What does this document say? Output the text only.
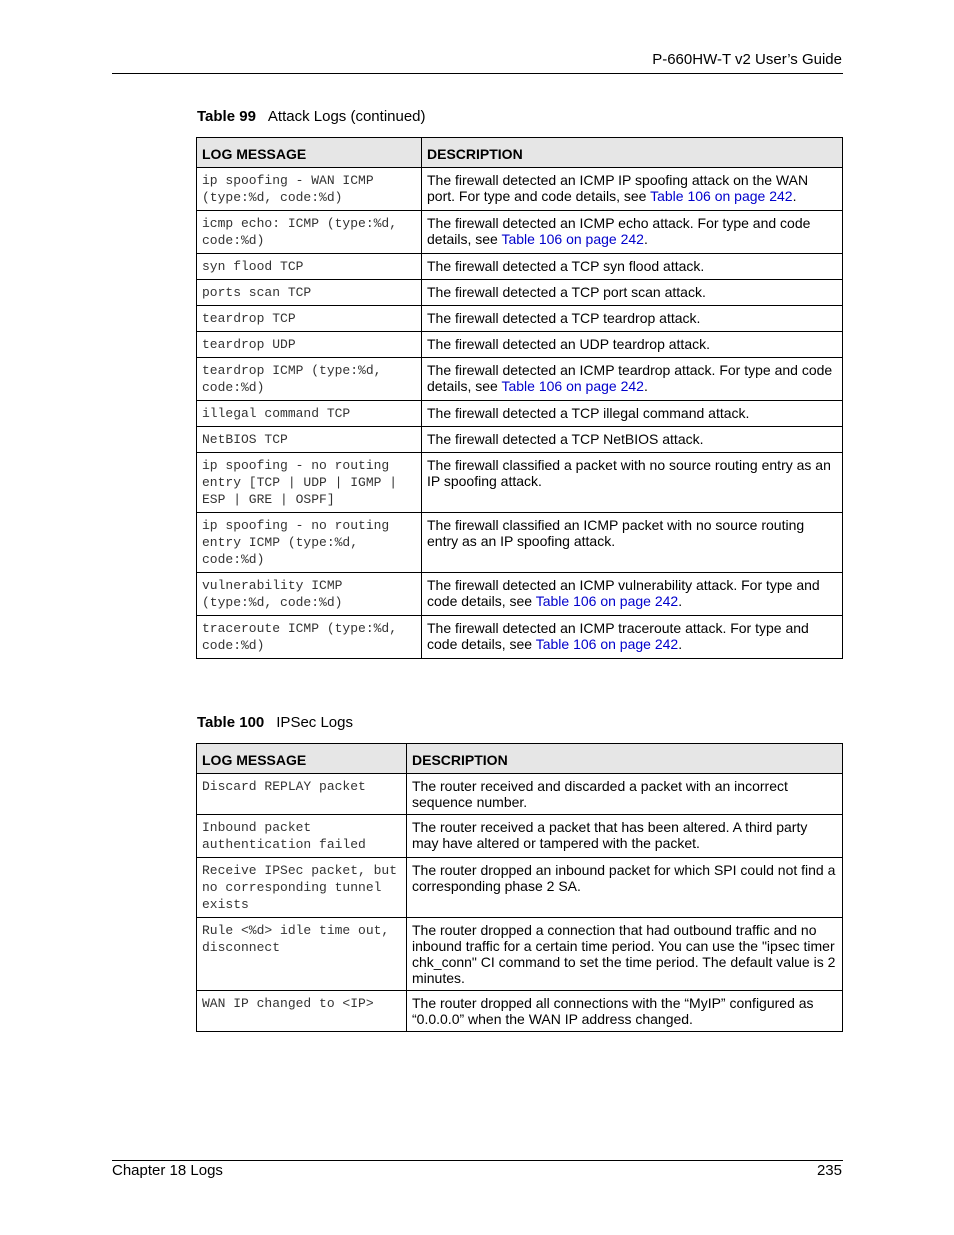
P-660HW-T v2 User’s Guide
Table 99 Attack Logs (continued)
LOG MESSAGE	DESCRIPTION
ip spoofing - WAN ICMP (type:%d, code:%d)	The firewall detected an ICMP IP spoofing attack on the WAN port. For type and code details, see Table 106 on page 242.
icmp echo: ICMP (type:%d, code:%d)	The firewall detected an ICMP echo attack. For type and code details, see Table 106 on page 242.
syn flood TCP	The firewall detected a TCP syn flood attack.
ports scan TCP	The firewall detected a TCP port scan attack.
teardrop TCP	The firewall detected a TCP teardrop attack.
teardrop UDP	The firewall detected an UDP teardrop attack.
teardrop ICMP (type:%d, code:%d)	The firewall detected an ICMP teardrop attack. For type and code details, see Table 106 on page 242.
illegal command TCP	The firewall detected a TCP illegal command attack.
NetBIOS TCP	The firewall detected a TCP NetBIOS attack.
ip spoofing - no routing entry [TCP | UDP | IGMP | ESP | GRE | OSPF]	The firewall classified a packet with no source routing entry as an IP spoofing attack.
ip spoofing - no routing entry ICMP (type:%d, code:%d)	The firewall classified an ICMP packet with no source routing entry as an IP spoofing attack.
vulnerability ICMP (type:%d, code:%d)	The firewall detected an ICMP vulnerability attack. For type and code details, see Table 106 on page 242.
traceroute ICMP (type:%d, code:%d)	The firewall detected an ICMP traceroute attack. For type and code details, see Table 106 on page 242.
Table 100 IPSec Logs
LOG MESSAGE	DESCRIPTION
Discard REPLAY packet	The router received and discarded a packet with an incorrect sequence number.
Inbound packet authentication failed	The router received a packet that has been altered. A third party may have altered or tampered with the packet.
Receive IPSec packet, but no corresponding tunnel exists	The router dropped an inbound packet for which SPI could not find a corresponding phase 2 SA.
Rule <%d> idle time out, disconnect	The router dropped a connection that had outbound traffic and no inbound traffic for a certain time period. You can use the "ipsec timer chk_conn" CI command to set the time period. The default value is 2 minutes.
WAN IP changed to <IP>	The router dropped all connections with the “MyIP” configured as “0.0.0.0” when the WAN IP address changed.
Chapter 18 Logs	235
